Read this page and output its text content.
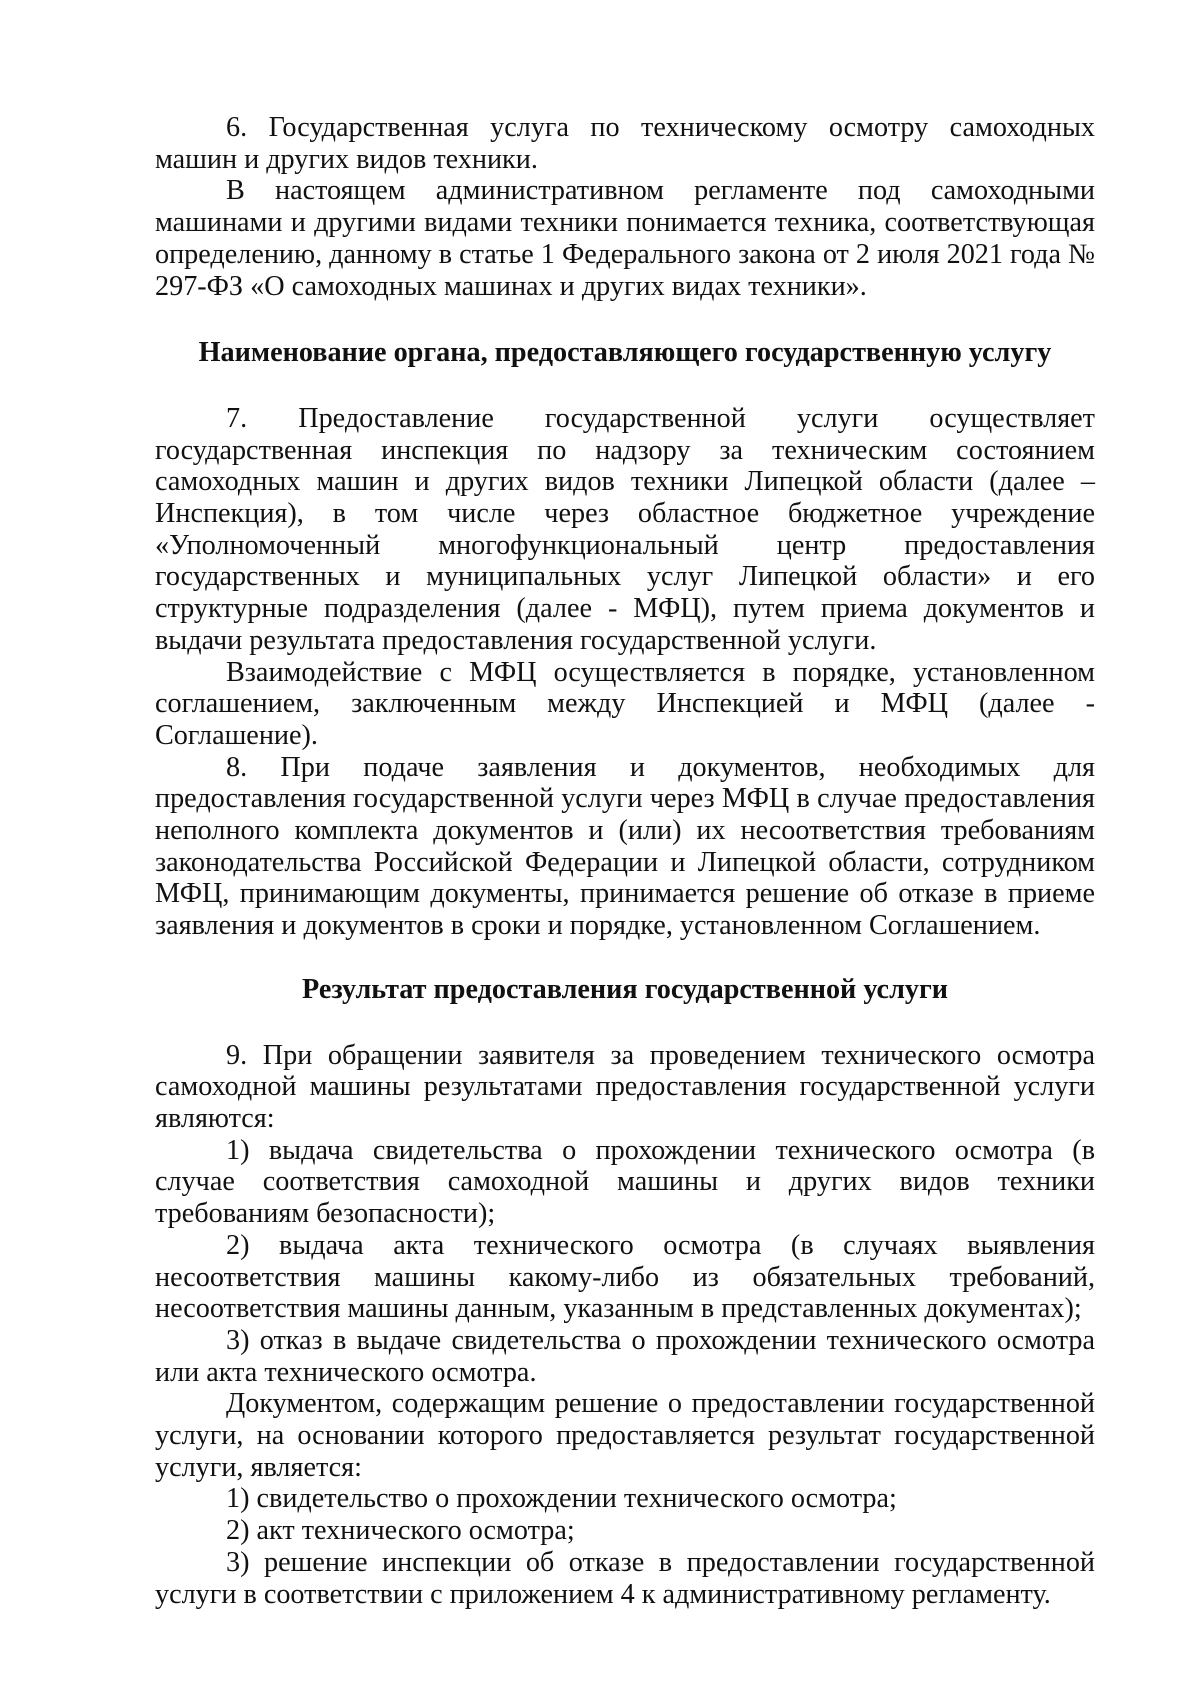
6. Государственная услуга по техническому осмотру самоходных машин и других видов техники.

В настоящем административном регламенте под самоходными машинами и другими видами техники понимается техника, соответствующая определению, данному в статье 1 Федерального закона от 2 июля 2021 года № 297-ФЗ «О самоходных машинах и других видах техники».

Наименование органа, предоставляющего государственную услугу

7. Предоставление государственной услуги осуществляет государственная инспекция по надзору за техническим состоянием самоходных машин и других видов техники Липецкой области (далее – Инспекция), в том числе через областное бюджетное учреждение «Уполномоченный многофункциональный центр предоставления государственных и муниципальных услуг Липецкой области» и его структурные подразделения (далее - МФЦ), путем приема документов и выдачи результата предоставления государственной услуги.

Взаимодействие с МФЦ осуществляется в порядке, установленном соглашением, заключенным между Инспекцией и МФЦ (далее - Соглашение).

8. При подаче заявления и документов, необходимых для предоставления государственной услуги через МФЦ в случае предоставления неполного комплекта документов и (или) их несоответствия требованиям законодательства Российской Федерации и Липецкой области, сотрудником МФЦ, принимающим документы, принимается решение об отказе в приеме заявления и документов в сроки и порядке, установленном Соглашением.

Результат предоставления государственной услуги

9. При обращении заявителя за проведением технического осмотра самоходной машины результатами предоставления государственной услуги являются:

1) выдача свидетельства о прохождении технического осмотра (в случае соответствия самоходной машины и других видов техники требованиям безопасности);

2) выдача акта технического осмотра (в случаях выявления несоответствия машины какому-либо из обязательных требований, несоответствия машины данным, указанным в представленных документах);

3) отказ в выдаче свидетельства о прохождении технического осмотра или акта технического осмотра.

Документом, содержащим решение о предоставлении государственной услуги, на основании которого предоставляется результат государственной услуги, является:

1) свидетельство о прохождении технического осмотра;

2) акт технического осмотра;

3) решение инспекции об отказе в предоставлении государственной услуги в соответствии с приложением 4 к административному регламенту.
